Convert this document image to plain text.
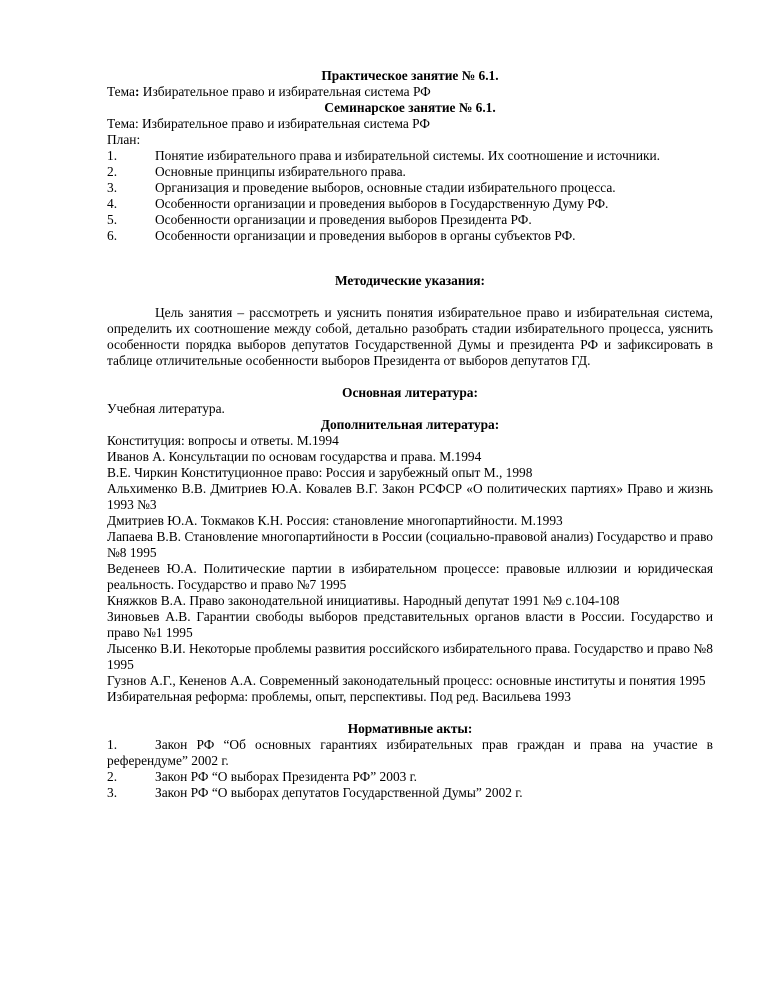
Практическое занятие № 6.1.
Тема: Избирательное право и избирательная система РФ
Семинарское занятие № 6.1.
Тема: Избирательное право и избирательная система РФ
План:
1.	Понятие избирательного права и избирательной системы. Их соотношение и источники.
2.	Основные принципы избирательного права.
3.	Организация и проведение выборов, основные стадии избирательного процесса.
4.	Особенности организации и проведения выборов в Государственную Думу РФ.
5.	Особенности организации и проведения выборов Президента РФ.
6.	Особенности организации и проведения выборов в органы субъектов РФ.
Методические указания:
Цель занятия – рассмотреть и уяснить понятия избирательное право и избирательная система, определить их соотношение между собой, детально разобрать стадии избирательного процесса, уяснить особенности порядка выборов депутатов Государственной Думы и президента РФ и зафиксировать в таблице отличительные особенности выборов Президента от выборов депутатов ГД.
Основная литература:
Учебная литература.
Дополнительная литература:
Конституция: вопросы и ответы. М.1994
Иванов А. Консультации по основам государства и права. М.1994
В.Е. Чиркин Конституционное право: Россия и зарубежный опыт М., 1998
Альхименко В.В. Дмитриев Ю.А. Ковалев В.Г. Закон РСФСР «О политических партиях» Право и жизнь 1993 №3
Дмитриев Ю.А. Токмаков К.Н. Россия: становление многопартийности. М.1993
Лапаева В.В. Становление многопартийности в России (социально-правовой анализ) Государство и право №8 1995
Веденеев Ю.А. Политические партии в избирательном процессе: правовые иллюзии и юридическая реальность. Государство и право №7 1995
Княжков В.А. Право законодательной инициативы. Народный депутат 1991 №9 с.104-108
Зиновьев А.В. Гарантии свободы выборов представительных органов власти в России. Государство и право №1 1995
Лысенко В.И. Некоторые проблемы развития российского избирательного права. Государство и право №8 1995
Гузнов А.Г., Кененов А.А. Современный законодательный процесс: основные институты и понятия 1995
Избирательная реформа: проблемы, опыт, перспективы. Под ред. Васильева 1993
Нормативные акты:
1.	Закон РФ “Об основных гарантиях избирательных прав граждан и права на участие в референдуме” 2002 г.
2.	Закон РФ “О выборах Президента РФ” 2003 г.
3.	Закон РФ “О выборах депутатов Государственной Думы” 2002 г.
